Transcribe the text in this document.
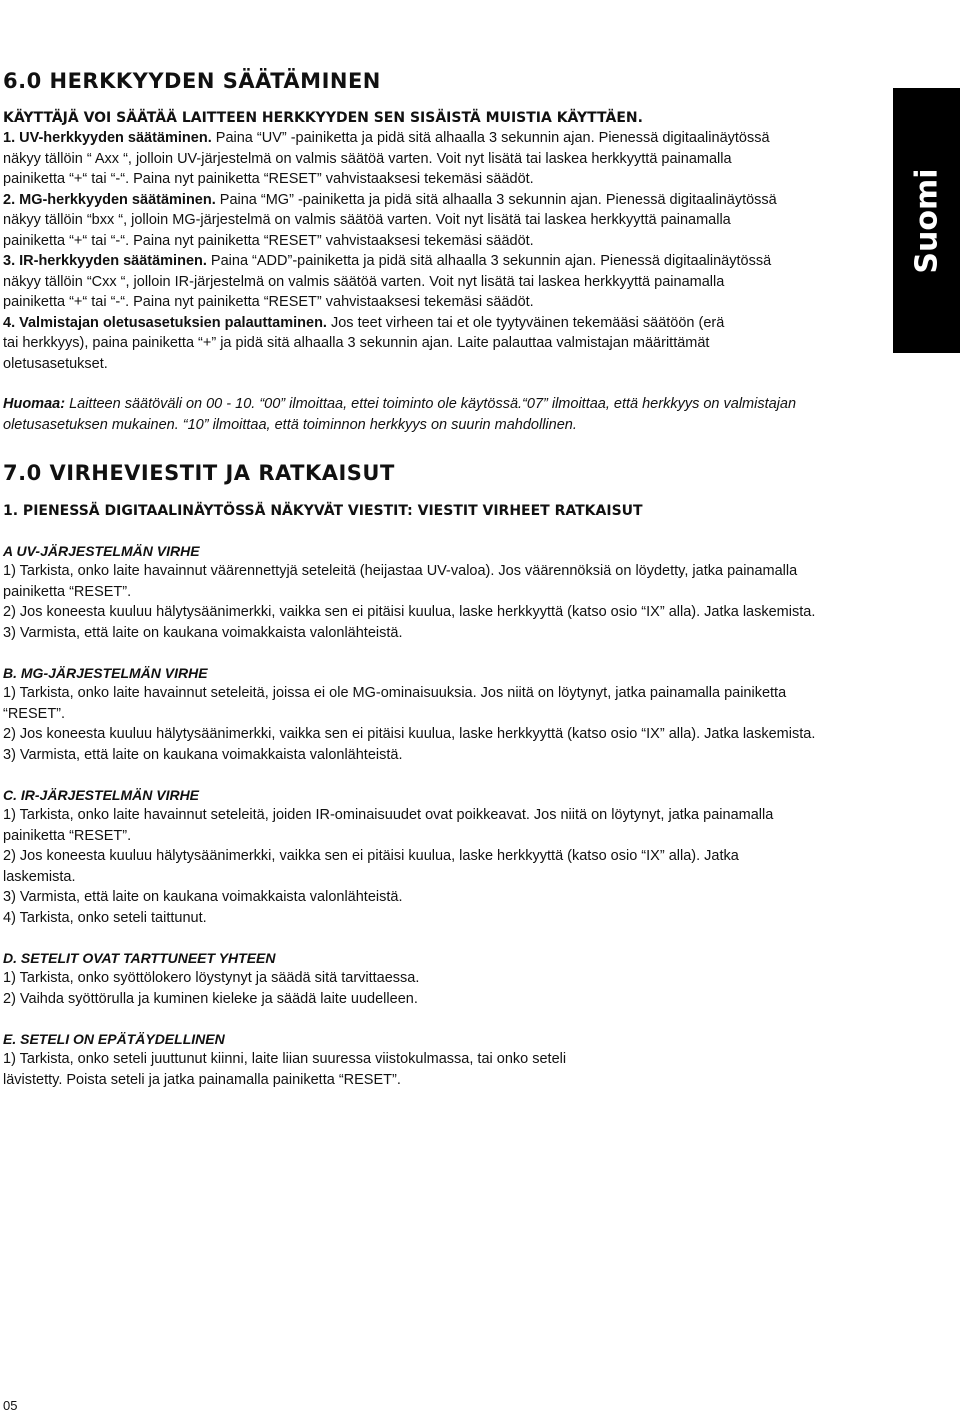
Suomi
6.0 HERKKYYDEN SÄÄTÄMINEN
KÄYTTÄJÄ VOI SÄÄTÄÄ LAITTEEN HERKKYYDEN SEN SISÄISTÄ MUISTIA KÄYTTÄEN.

1. UV-herkkyyden säätäminen. Paina “UV” -painiketta ja pidä sitä alhaalla 3 sekunnin ajan. Pienessä digitaalinäytössä

näkyy tällöin “ Axx “, jolloin UV-järjestelmä on valmis säätöä varten. Voit nyt lisätä tai laskea herkkyyttä painamalla

painiketta “+“ tai “-“. Paina nyt painiketta “RESET” vahvistaaksesi tekemäsi säädöt.

2. MG-herkkyyden säätäminen. Paina “MG” -painiketta ja pidä sitä alhaalla 3 sekunnin ajan. Pienessä digitaalinäytössä

näkyy tällöin “bxx “, jolloin MG-järjestelmä on valmis säätöä varten. Voit nyt lisätä tai laskea herkkyyttä painamalla

painiketta “+“ tai “-“. Paina nyt painiketta “RESET” vahvistaaksesi tekemäsi säädöt.

3. IR-herkkyyden säätäminen. Paina “ADD”-painiketta ja pidä sitä alhaalla 3 sekunnin ajan. Pienessä digitaalinäytössä

näkyy tällöin “Cxx “, jolloin IR-järjestelmä on valmis säätöä varten. Voit nyt lisätä tai laskea herkkyyttä painamalla

painiketta “+“ tai “-“. Paina nyt painiketta “RESET” vahvistaaksesi tekemäsi säädöt.

4. Valmistajan oletusasetuksien palauttaminen. Jos teet virheen tai et ole tyytyväinen tekemääsi säätöön (erä

tai herkkyys), paina painiketta “+” ja pidä sitä alhaalla 3 sekunnin ajan. Laite palauttaa valmistajan määrittämät

oletusasetukset.

Huomaa: Laitteen säätöväli on 00 - 10. “00” ilmoittaa, ettei toiminto ole käytössä.“07” ilmoittaa, että herkkyys on valmistajan

oletusasetuksen mukainen. “10” ilmoittaa, että toiminnon herkkyys on suurin mahdollinen.

7.0 VIRHEVIESTIT JA RATKAISUT
1. PIENESSÄ DIGITAALINÄYTÖSSÄ NÄKYVÄT VIESTIT: VIESTIT VIRHEET RATKAISUT
A UV-JÄRJESTELMÄN VIRHE

1) Tarkista, onko laite havainnut väärennettyjä seteleitä (heijastaa UV-valoa). Jos väärennöksiä on löydetty, jatka painamalla

painiketta “RESET”.

2) Jos koneesta kuuluu hälytysäänimerkki, vaikka sen ei pitäisi kuulua, laske herkkyyttä (katso osio “IX” alla). Jatka laskemista.

3) Varmista, että laite on kaukana voimakkaista valonlähteistä.

B. MG-JÄRJESTELMÄN VIRHE

1) Tarkista, onko laite havainnut seteleitä, joissa ei ole MG-ominaisuuksia. Jos niitä on löytynyt, jatka painamalla painiketta

“RESET”.

2) Jos koneesta kuuluu hälytysäänimerkki, vaikka sen ei pitäisi kuulua, laske herkkyyttä (katso osio “IX” alla). Jatka laskemista.

3) Varmista, että laite on kaukana voimakkaista valonlähteistä.

C. IR-JÄRJESTELMÄN VIRHE

1) Tarkista, onko laite havainnut seteleitä, joiden IR-ominaisuudet ovat poikkeavat. Jos niitä on löytynyt, jatka painamalla

painiketta “RESET”.

2) Jos koneesta kuuluu hälytysäänimerkki, vaikka sen ei pitäisi kuulua, laske herkkyyttä (katso osio “IX” alla). Jatka

laskemista.

3) Varmista, että laite on kaukana voimakkaista valonlähteistä.

4) Tarkista, onko seteli taittunut.

D. SETELIT OVAT TARTTUNEET YHTEEN

1) Tarkista, onko syöttölokero löystynyt ja säädä sitä tarvittaessa.

2) Vaihda syöttörulla ja kuminen kieleke ja säädä laite uudelleen.

E. SETELI ON EPÄTÄYDELLINEN

1) Tarkista, onko seteli juuttunut kiinni, laite liian suuressa viistokulmassa, tai onko seteli

lävistetty. Poista seteli ja jatka painamalla painiketta “RESET”.

05
